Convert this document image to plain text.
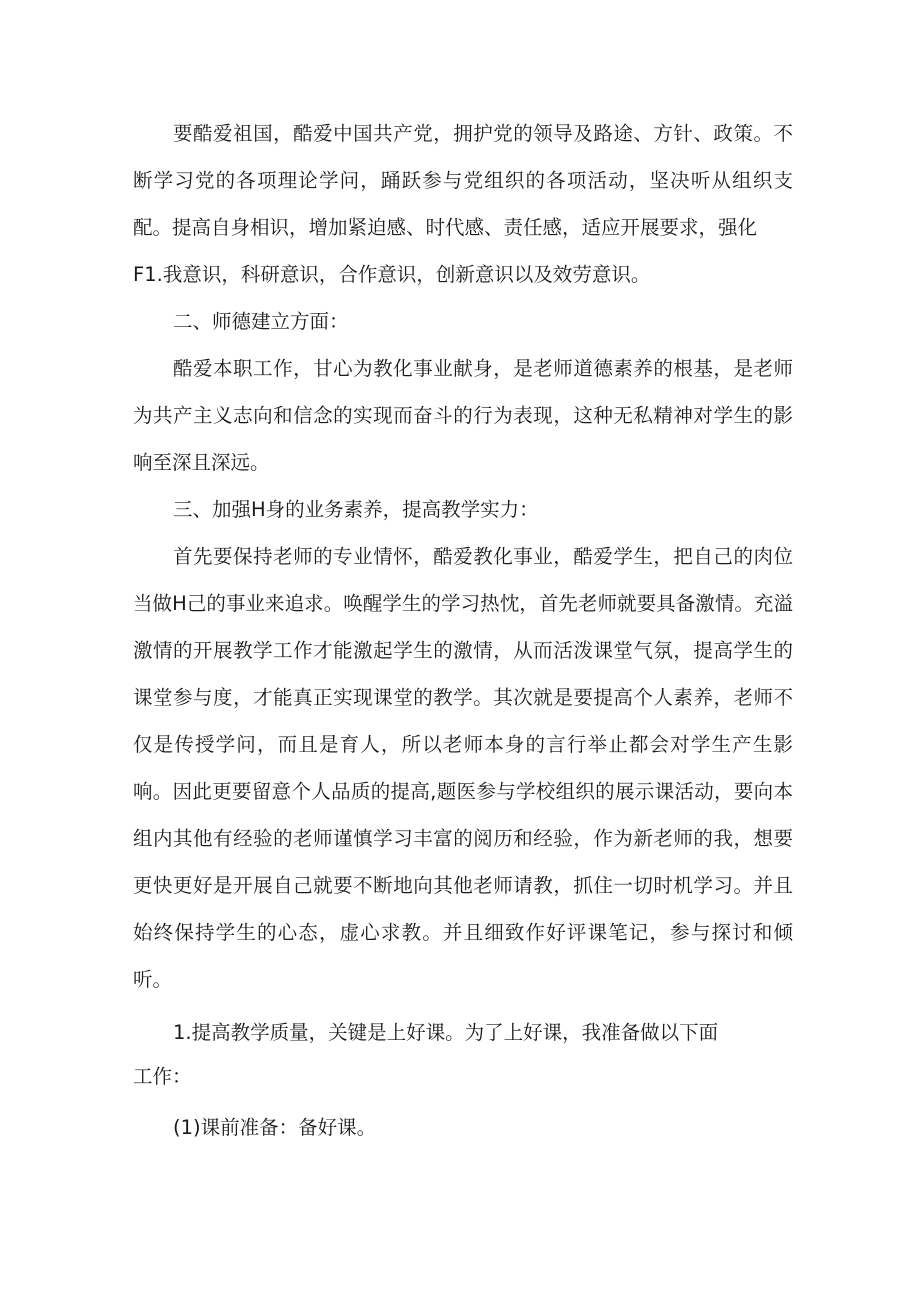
要酷爱祖国，酷爱中国共产党，拥护党的领导及路途、方针、政策。不断学习党的各项理论学问，踊跃参与党组织的各项活动，坚决听从组织支配。提高自身相识，增加紧迫感、时代感、责任感，适应开展要求，强化

F1.我意识，科研意识，合作意识，创新意识以及效劳意识。
二、师德建立方面：

酷爱本职工作，甘心为教化事业献身，是老师道德素养的根基，是老师为共产主义志向和信念的实现而奋斗的行为表现，这种无私精神对学生的影响至深且深远。

三、加强H身的业务素养，提高教学实力：

首先要保持老师的专业情怀，酷爱教化事业，酷爱学生，把自己的肉位当做H己的事业来追求。唤醒学生的学习热忱，首先老师就要具备激情。充溢激情的开展教学工作才能激起学生的激情，从而活泼课堂气氛，提高学生的课堂参与度，才能真正实现课堂的教学。其次就是要提高个人素养，老师不仅是传授学问，而且是育人，所以老师本身的言行举止都会对学生产生影响。因此更要留意个人品质的提高,题医参与学校组织的展示课活动，要向本组内其他有经验的老师谨慎学习丰富的阅历和经验，作为新老师的我，想要更快更好是开展自己就要不断地向其他老师请教，抓住一切时机学习。并且始终保持学生的心态，虚心求教。并且细致作好评课笔记，参与探讨和倾听。

1.提高教学质量，关键是上好课。为了上好课，我准备做以下面
工作：
(1)课前准备：备好课。
